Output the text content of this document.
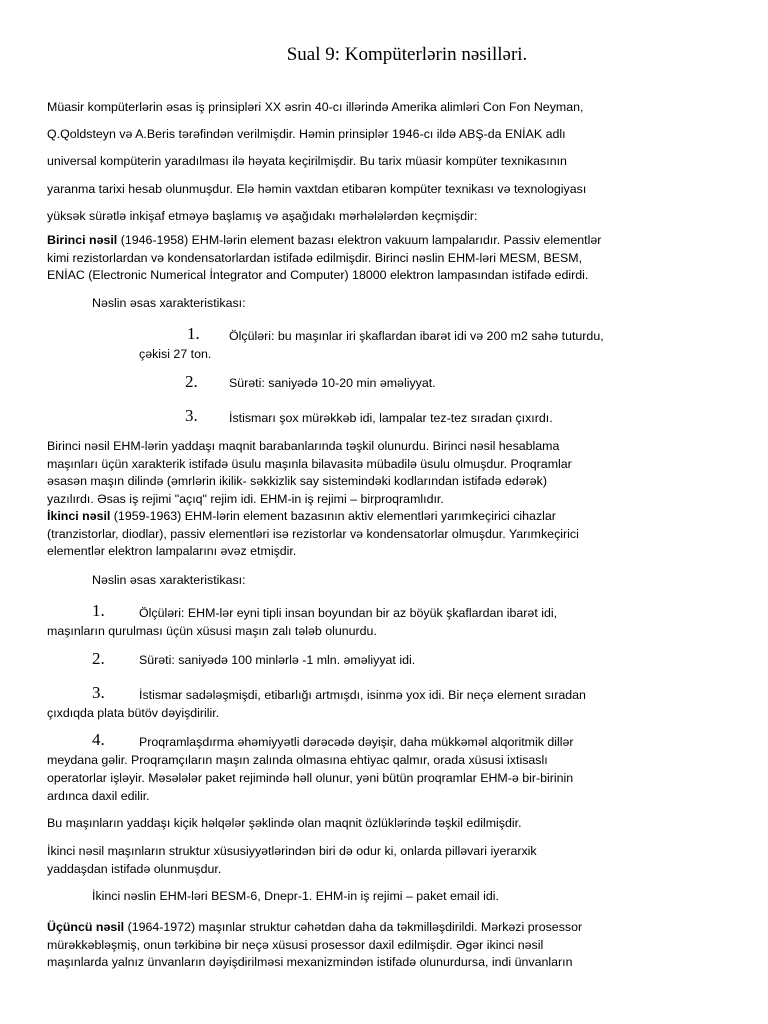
Sual 9: Kompüterlərin nəsilləri.

Müasir kompüterlərin əsas iş prinsipləri XX əsrin 40-cı illərində Amerika alimləri Con Fon Neyman,

Q.Qoldsteyn və A.Beris tərəfindən verilmişdir. Həmin prinsiplər 1946-cı ildə ABŞ-da ENİAK adlı

universal kompüterin yaradılması ilə həyata keçirilmişdir. Bu tarix müasir kompüter texnikasının

yaranma tarixi hesab olunmuşdur. Elə həmin vaxtdan etibarən kompüter texnikası və texnologiyası

yüksək sürətlə inkişaf etməyə başlamış və aşağıdakı mərhələlərdən keçmişdir:

Birinci nəsil (1946-1958) EHM-lərin element bazası elektron vakuum lampalarıdır. Passiv elementlər

kimi rezistorlardan və kondensatorlardan istifadə edilmişdir. Birinci nəslin EHM-ləri MESM, BESM,

ENİAC (Electronic Numerical İntegrator and Computer) 18000 elektron lampasından istifadə edirdi.

Nəslin əsas xarakteristikası:
1. Ölçüləri: bu maşınlar iri şkaflardan ibarət idi və 200 m2 sahə tuturdu,
çəkisi 27 ton.
2.	Sürəti: saniyədə 10-20 min əməliyyat.
3.	İstismarı şox mürəkkəb idi, lampalar tez-tez sıradan çıxırdı.

Birinci nəsil EHM-lərin yaddaşı maqnit barabanlarında təşkil olunurdu. Birinci nəsil hesablama

maşınları üçün xarakterik istifadə üsulu maşınla bilavasitə mübadilə üsulu olmuşdur. Proqramlar

əsasən maşın dilində (əmrlərin ikilik- səkkizlik say sistemindəki kodlarından istifadə edərək)

yazılırdı. Əsas iş rejimi "açıq" rejim idi. EHM-in iş rejimi – birproqramlıdır.

İkinci nəsil (1959-1963) EHM-lərin element bazasının aktiv elementləri yarımkeçirici cihazlar

(tranzistorlar, diodlar), passiv elementləri isə rezistorlar və kondensatorlar olmuşdur. Yarımkeçirici

elementlər elektron lampalarını əvəz etmişdir.

Nəslin əsas xarakteristikası:
1.	Ölçüləri: EHM-lər eyni tipli insan boyundan bir az böyük şkaflardan ibarət idi,
maşınların qurulması üçün xüsusi maşın zalı tələb olunurdu.
2.	Sürəti: saniyədə 100 minlərlə -1 mln. əməliyyat idi.
3.	İstismar sadələşmişdi, etibarlığı artmışdı, isinmə yox idi. Bir neçə element sıradan
çıxdıqda plata bütöv dəyişdirilir.
4.	Proqramlaşdırma əhəmiyyətli dərəcədə dəyişir, daha mükkəməl alqoritmik dillər
meydana gəlir. Proqramçıların maşın zalında olmasına ehtiyac qalmır, orada xüsusi ixtisaslı
operatorlar işləyir. Məsələlər paket rejimində həll olunur, yəni bütün proqramlar EHM-ə bir-birinin
ardınca daxil edilir.
Bu maşınların yaddaşı kiçik həlqələr şəklində olan maqnit özlüklərində təşkil edilmişdir.

İkinci nəsil maşınların struktur xüsusiyyətlərindən biri də odur ki, onlarda pilləvari iyerarxik

yaddaşdan istifadə olunmuşdur.

İkinci nəslin EHM-ləri BESM-6, Dnepr-1. EHM-in iş rejimi – paket email idi.

Üçüncü nəsil (1964-1972) maşınlar struktur cəhətdən daha da təkmilləşdirildi. Mərkəzi prosessor

mürəkkəbləşmiş, onun tərkibinə bir neçə xüsusi prosessor daxil edilmişdir. Əgər ikinci nəsil

maşınlarda yalnız ünvanların dəyişdirilməsi mexanizmindən istifadə olunurdursa, indi ünvanların
